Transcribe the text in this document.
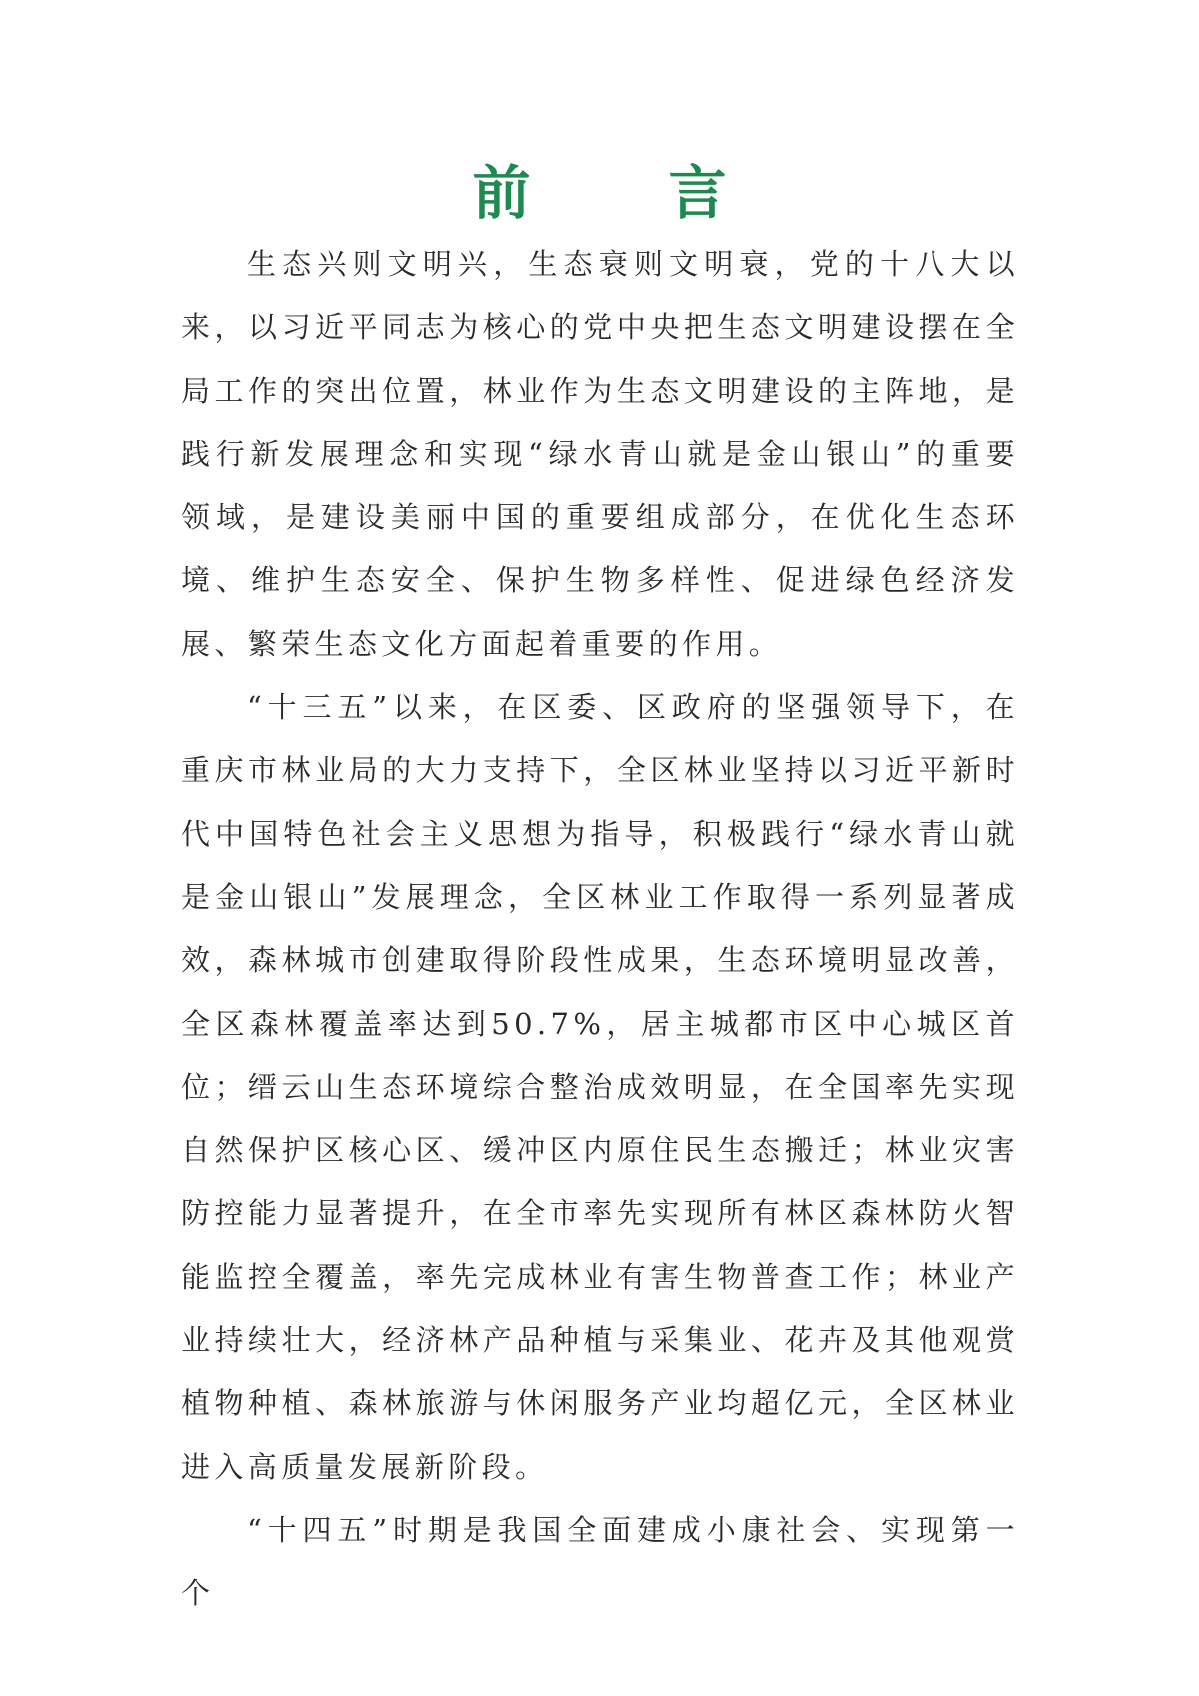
前　言

生态兴则文明兴，生态衰则文明衰，党的十八大以来，以习近平同志为核心的党中央把生态文明建设摆在全局工作的突出位置，林业作为生态文明建设的主阵地，是践行新发展理念和实现“绿水青山就是金山银山”的重要领域，是建设美丽中国的重要组成部分，在优化生态环境、维护生态安全、保护生物多样性、促进绿色经济发展、繁荣生态文化方面起着重要的作用。

“十三五”以来，在区委、区政府的坚强领导下，在重庆市林业局的大力支持下，全区林业坚持以习近平新时代中国特色社会主义思想为指导，积极践行“绿水青山就是金山银山”发展理念，全区林业工作取得一系列显著成效，森林城市创建取得阶段性成果，生态环境明显改善，全区森林覆盖率达到50.7%，居主城都市区中心城区首位；缙云山生态环境综合整治成效明显，在全国率先实现自然保护区核心区、缓冲区内原住民生态搬迁；林业灾害防控能力显著提升，在全市率先实现所有林区森林防火智能监控全覆盖，率先完成林业有害生物普查工作；林业产业持续壮大，经济林产品种植与采集业、花卉及其他观赏植物种植、森林旅游与休闲服务产业均超亿元，全区林业进入高质量发展新阶段。

“十四五”时期是我国全面建成小康社会、实现第一个
